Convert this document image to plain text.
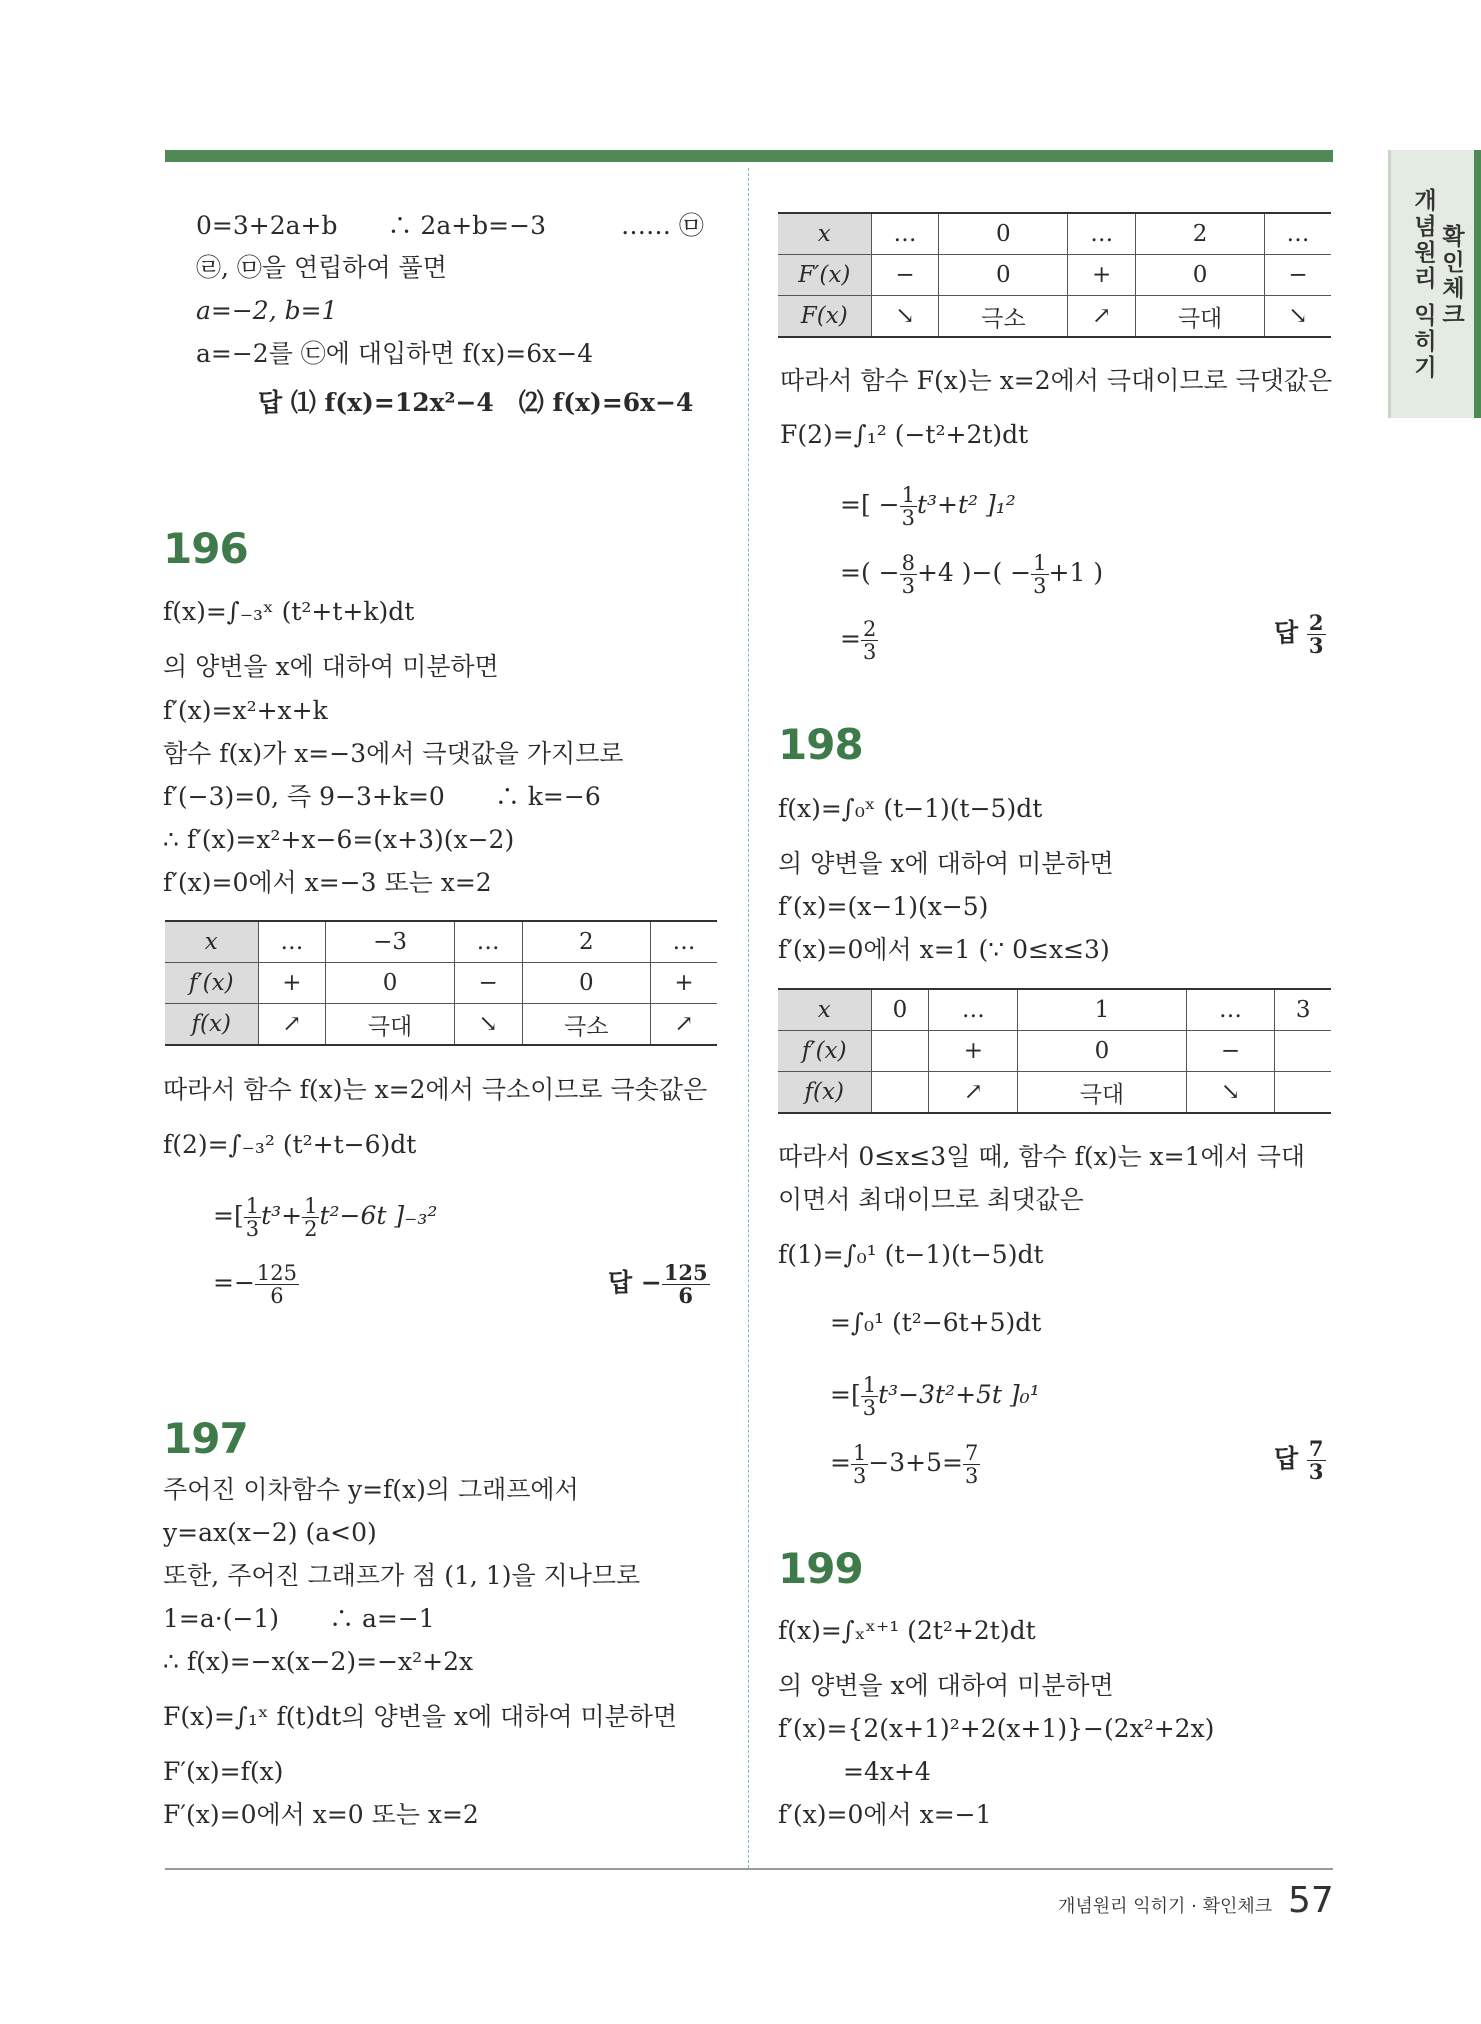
개념원리 익히기 확인체크
0=3+2a+b　　∴ 2a+b=−3　　　…… ㉤
㉣, ㉤을 연립하여 풀면
a=−2, b=1
a=−2를 ㉢에 대입하면 f(x)=6x−4
답 ⑴ f(x)=12x²−4　⑵ f(x)=6x−4
196
f(x)=∫₋₃ˣ (t²+t+k)dt
의 양변을 x에 대하여 미분하면
f′(x)=x²+x+k
함수 f(x)가 x=−3에서 극댓값을 가지므로
f′(−3)=0, 즉 9−3+k=0　　∴ k=−6
∴ f′(x)=x²+x−6=(x+3)(x−2)
f′(x)=0에서 x=−3 또는 x=2
x	…	−3	…	2	…
f′(x)	+	0	−	0	+
f(x)	↗	극대	↘	극소	↗
따라서 함수 f(x)는 x=2에서 극소이므로 극솟값은
f(2)=∫₋₃² (t²+t−6)dt
=[ $\frac{1}{3} t^3+ \frac{1}{2} t^2-6t$ ]₋₃²
=− $\frac{125}{6}$	답 − $\frac{125}{6}$
197
주어진 이차함수 y=f(x)의 그래프에서
y=ax(x−2) (a<0)
또한, 주어진 그래프가 점 (1, 1)을 지나므로
1=a·(−1)　　∴ a=−1
∴ f(x)=−x(x−2)=−x²+2x
F(x)=∫₁ˣ f(t)dt의 양변을 x에 대하여 미분하면
F′(x)=f(x)
F′(x)=0에서 x=0 또는 x=2
x	…	0	…	2	…
F′(x)	−	0	+	0	−
F(x)	↘	극소	↗	극대	↘
따라서 함수 F(x)는 x=2에서 극대이므로 극댓값은
F(2)=∫₁² (−t²+2t)dt
=[ − $\frac{1}{3} t^3+t^2$ ]₁²
=( − $\frac{8}{3} +4$ )−( − $\frac{1}{3} +1$ )
= $\frac{2}{3}$	답 $\frac{2}{3}$
198
f(x)=∫₀ˣ (t−1)(t−5)dt
의 양변을 x에 대하여 미분하면
f′(x)=(x−1)(x−5)
f′(x)=0에서 x=1 (∵ 0≤x≤3)
x	0	…	1	…	3
f′(x)		+	0	−	
f(x)		↗	극대	↘	
따라서 0≤x≤3일 때, 함수 f(x)는 x=1에서 극대
이면서 최대이므로 최댓값은
f(1)=∫₀¹ (t−1)(t−5)dt
=∫₀¹ (t²−6t+5)dt
=[ $\frac{1}{3} t^3-3t^2+5t$ ]₀¹
= $\frac{1}{3} -3+5= \frac{7}{3}$	답 $\frac{7}{3}$
199
f(x)=∫ₓˣ⁺¹ (2t²+2t)dt
의 양변을 x에 대하여 미분하면
f′(x)={2(x+1)²+2(x+1)}−(2x²+2x)
=4x+4
f′(x)=0에서 x=−1
개념원리 익히기 · 확인체크 57
